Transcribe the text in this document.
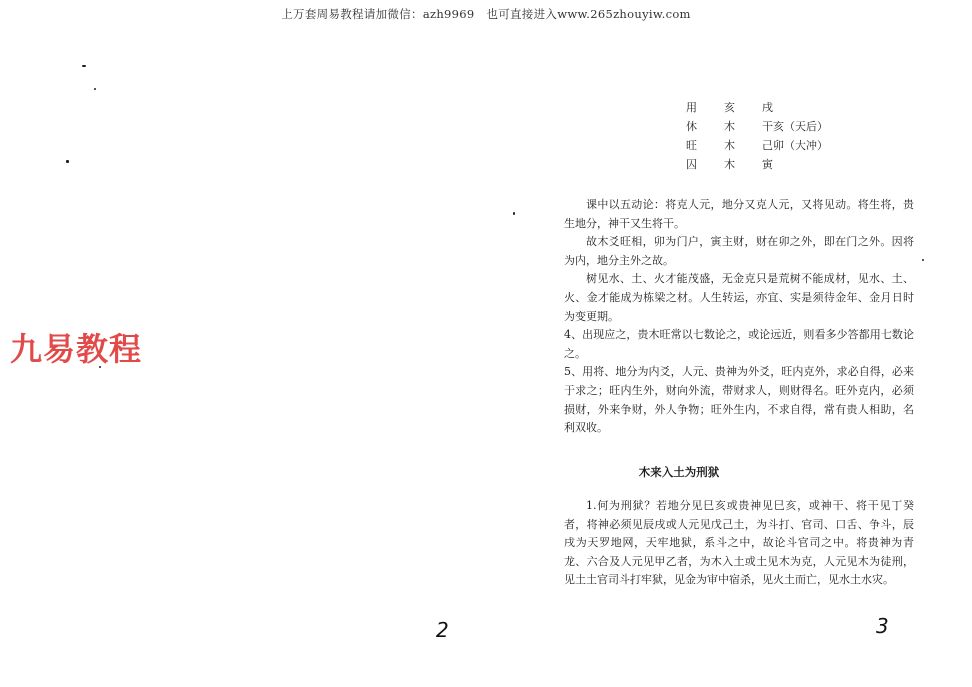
上万套周易教程请加微信：azh9969 也可直接进入www.265zhouyiw.com
九易教程
用	亥	戌
休	木	干亥（天后）
旺	木	己卯（大冲）
囚	木	寅

课中以五动论：将克人元，地分又克人元，又将见动。将生将，贵生地分，神干又生将干。

故木爻旺相，卯为门户，寅主财，财在卯之外，即在门之外。因将为内，地分主外之故。

树见水、土、火才能茂盛，无金克只是荒树不能成材，见水、土、火、金才能成为栋梁之材。人生转运，亦宜、实是须待金年、金月日时为变更期。

4、出现应之，贵木旺常以七数论之，或论远近，则看多少答都用七数论之。

5、用将、地分为内爻，人元、贵神为外爻，旺内克外，求必自得，必来于求之；旺内生外，财向外流，带财求人，则财得名。旺外克内，必须损财，外来争财，外人争物；旺外生内，不求自得，常有贵人相助，名利双收。

木来入土为刑狱

1.何为刑狱？若地分见巳亥或贵神见巳亥，或神干、将干见丁癸者，将神必须见辰戌或人元见戊己土，为斗打、官司、口舌、争斗，辰戌为天罗地网，天牢地狱，系斗之中，故论斗官司之中。将贵神为青龙、六合及人元见甲乙者，为木入土或土见木为克，人元见木为徒刑，见土土官司斗打牢狱，见金为审中宿杀，见火土而亡，见水土水灾。

2	3
